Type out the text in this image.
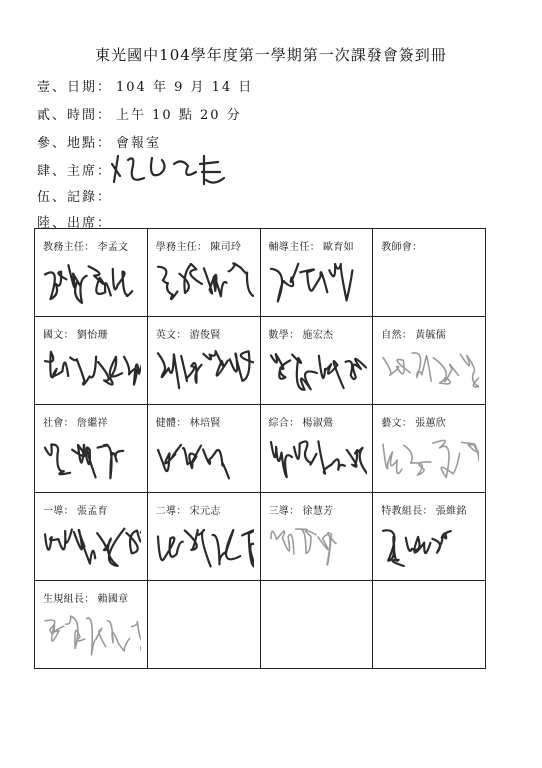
東光國中104學年度第一學期第一次課發會簽到冊
壹、日期： 104 年 9 月 14 日
貳、時間： 上午 10 點 20 分
參、地點： 會報室
肆、主席：
伍、記錄：
陸、出席：
教務主任： 李孟文	學務主任： 陳司玲	輔導主任： 歐育如	教師會：

國文： 劉怡珊	英文： 游俊賢	數學： 施宏杰	自然： 黃毓儒

社會： 詹繼祥	健體： 林培賢	綜合： 楊淑鶯	藝文： 張蕙欣

一導： 張孟育	二導： 宋元志	三導： 徐慧芳	特教組長： 張維銘

生規組長： 賴國章			
